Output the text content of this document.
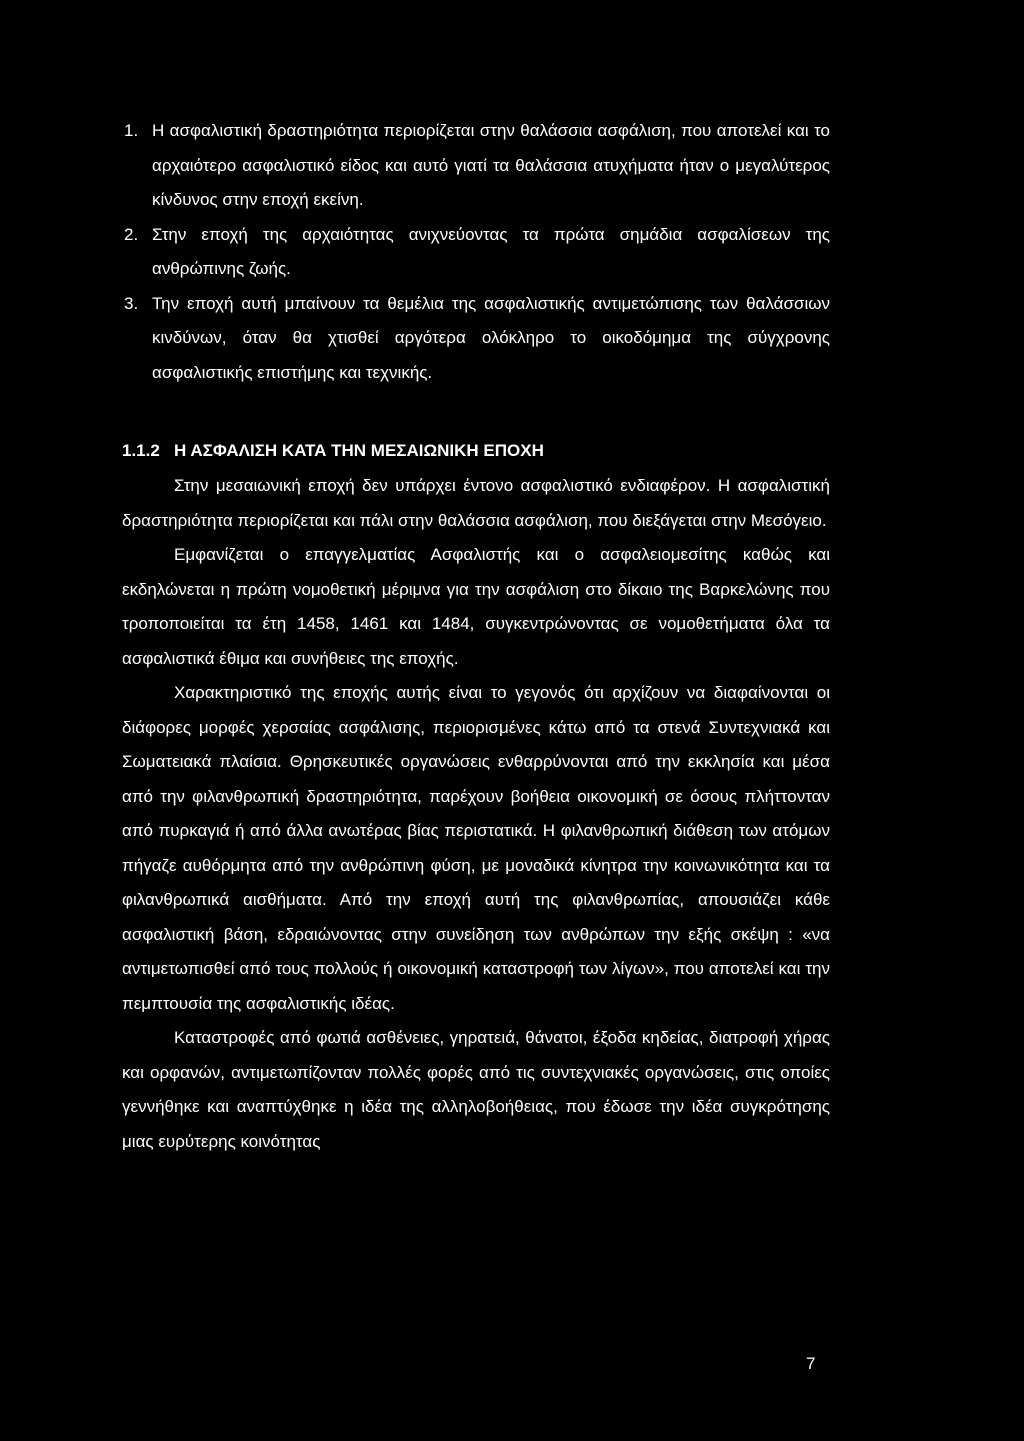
1. Η ασφαλιστική δραστηριότητα περιορίζεται στην θαλάσσια ασφάλιση, που αποτελεί και το αρχαιότερο ασφαλιστικό είδος και αυτό γιατί τα θαλάσσια ατυχήματα ήταν ο μεγαλύτερος κίνδυνος στην εποχή εκείνη.

2. Στην εποχή της αρχαιότητας ανιχνεύοντας τα πρώτα σημάδια ασφαλίσεων της ανθρώπινης ζωής.

3. Την εποχή αυτή μπαίνουν τα θεμέλια της ασφαλιστικής αντιμετώπισης των θαλάσσιων κινδύνων, όταν θα χτισθεί αργότερα ολόκληρο το οικοδόμημα της σύγχρονης ασφαλιστικής επιστήμης και τεχνικής.

1.1.2 Η ΑΣΦΑΛΙΣΗ ΚΑΤΑ ΤΗΝ ΜΕΣΑΙΩΝΙΚΗ ΕΠΟΧΗ

Στην μεσαιωνική εποχή δεν υπάρχει έντονο ασφαλιστικό ενδιαφέρον. Η ασφαλιστική δραστηριότητα περιορίζεται και πάλι στην θαλάσσια ασφάλιση, που διεξάγεται στην Μεσόγειο.

Εμφανίζεται ο επαγγελματίας Ασφαλιστής και ο ασφαλειομεσίτης καθώς και εκδηλώνεται η πρώτη νομοθετική μέριμνα για την ασφάλιση στο δίκαιο της Βαρκελώνης που τροποποιείται τα έτη 1458, 1461 και 1484, συγκεντρώνοντας σε νομοθετήματα όλα τα ασφαλιστικά έθιμα και συνήθειες της εποχής.

Χαρακτηριστικό της εποχής αυτής είναι το γεγονός ότι αρχίζουν να διαφαίνονται οι διάφορες μορφές χερσαίας ασφάλισης, περιορισμένες κάτω από τα στενά Συντεχνιακά και Σωματειακά πλαίσια. Θρησκευτικές οργανώσεις ενθαρρύνονται από την εκκλησία και μέσα από την φιλανθρωπική δραστηριότητα, παρέχουν βοήθεια οικονομική σε όσους πλήττονταν από πυρκαγιά ή από άλλα ανωτέρας βίας περιστατικά. Η φιλανθρωπική διάθεση των ατόμων πήγαζε αυθόρμητα από την ανθρώπινη φύση, με μοναδικά κίνητρα την κοινωνικότητα και τα φιλανθρωπικά αισθήματα. Από την εποχή αυτή της φιλανθρωπίας, απουσιάζει κάθε ασφαλιστική βάση, εδραιώνοντας στην συνείδηση των ανθρώπων την εξής σκέψη : «να αντιμετωπισθεί από τους πολλούς ή οικονομική καταστροφή των λίγων», που αποτελεί και την πεμπτουσία της ασφαλιστικής ιδέας.

Καταστροφές από φωτιά ασθένειες, γηρατειά, θάνατοι, έξοδα κηδείας, διατροφή χήρας και ορφανών, αντιμετωπίζονταν πολλές φορές από τις συντεχνιακές οργανώσεις, στις οποίες γεννήθηκε και αναπτύχθηκε η ιδέα της αλληλοβοήθειας, που έδωσε την ιδέα συγκρότησης μιας ευρύτερης κοινότητας

7
